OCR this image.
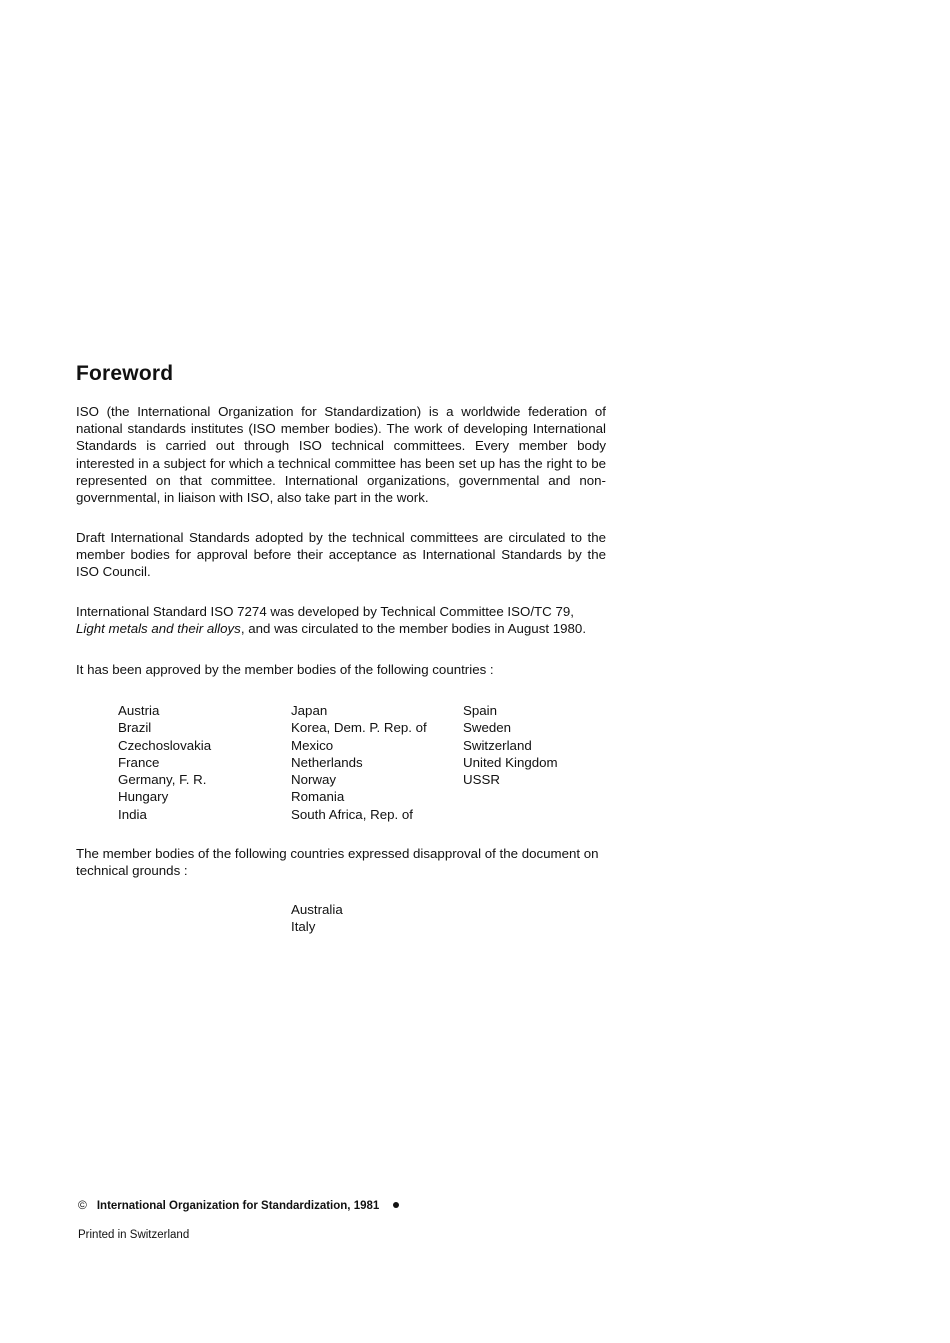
Foreword

ISO (the International Organization for Standardization) is a worldwide federation of national standards institutes (ISO member bodies). The work of developing International Standards is carried out through ISO technical committees. Every member body interested in a subject for which a technical committee has been set up has the right to be represented on that committee. International organizations, governmental and non-governmental, in liaison with ISO, also take part in the work.

Draft International Standards adopted by the technical committees are circulated to the member bodies for approval before their acceptance as International Standards by the ISO Council.

International Standard ISO 7274 was developed by Technical Committee ISO/TC 79,
Light metals and their alloys, and was circulated to the member bodies in August 1980.

It has been approved by the member bodies of the following countries :

Austria
Brazil
Czechoslovakia
France
Germany, F. R.
Hungary
India
Japan
Korea, Dem. P. Rep. of
Mexico
Netherlands
Norway
Romania
South Africa, Rep. of
Spain
Sweden
Switzerland
United Kingdom
USSR

The member bodies of the following countries expressed disapproval of the document on technical grounds :

Australia
Italy
© International Organization for Standardization, 1981
Printed in Switzerland
